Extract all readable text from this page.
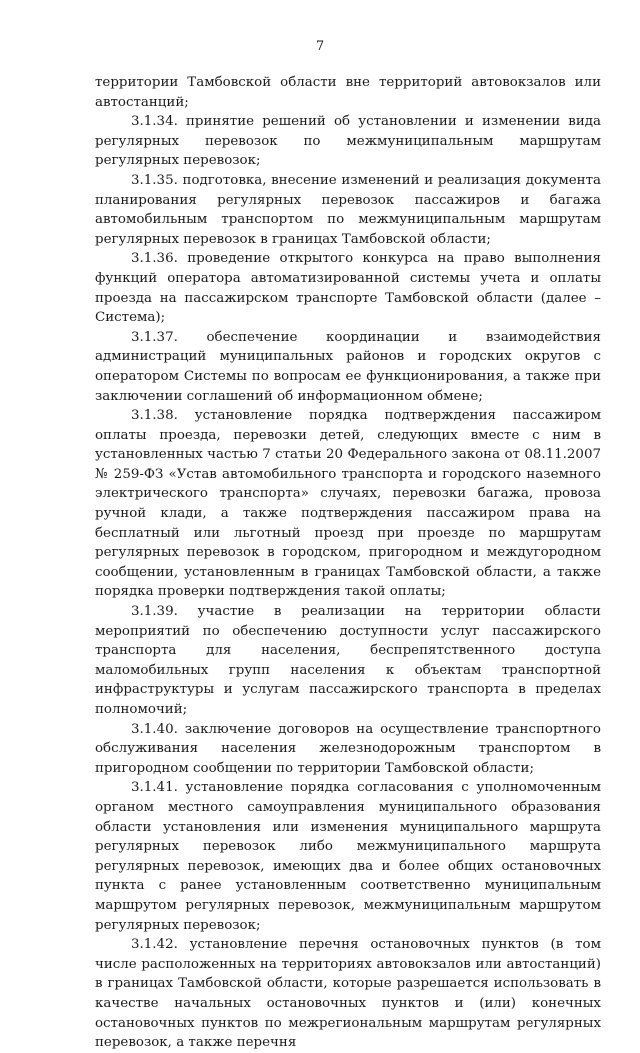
7

территории Тамбовской области вне территорий автовокзалов или автостанций;

3.1.34. принятие решений об установлении и изменении вида регулярных перевозок по межмуниципальным маршрутам регулярных перевозок;

3.1.35. подготовка, внесение изменений и реализация документа планирования регулярных перевозок пассажиров и багажа автомобильным транспортом по межмуниципальным маршрутам регулярных перевозок в границах Тамбовской области;

3.1.36. проведение открытого конкурса на право выполнения функций оператора автоматизированной системы учета и оплаты проезда на пассажирском транспорте Тамбовской области (далее – Система);

3.1.37. обеспечение координации и взаимодействия администраций муниципальных районов и городских округов с оператором Системы по вопросам ее функционирования, а также при заключении соглашений об информационном обмене;

3.1.38. установление порядка подтверждения пассажиром оплаты проезда, перевозки детей, следующих вместе с ним в установленных частью 7 статьи 20 Федерального закона от 08.11.2007 № 259-ФЗ «Устав автомобильного транспорта и городского наземного электрического транспорта» случаях, перевозки багажа, провоза ручной клади, а также подтверждения пассажиром права на бесплатный или льготный проезд при проезде по маршрутам регулярных перевозок в городском, пригородном и междугородном сообщении, установленным в границах Тамбовской области, а также порядка проверки подтверждения такой оплаты;

3.1.39. участие в реализации на территории области мероприятий по обеспечению доступности услуг пассажирского транспорта для населения, беспрепятственного доступа маломобильных групп населения к объектам транспортной инфраструктуры и услугам пассажирского транспорта в пределах полномочий;

3.1.40. заключение договоров на осуществление транспортного обслуживания населения железнодорожным транспортом в пригородном сообщении по территории Тамбовской области;

3.1.41. установление порядка согласования с уполномоченным органом местного самоуправления муниципального образования области установления или изменения муниципального маршрута регулярных перевозок либо межмуниципального маршрута регулярных перевозок, имеющих два и более общих остановочных пункта с ранее установленным соответственно муниципальным маршрутом регулярных перевозок, межмуниципальным маршрутом регулярных перевозок;

3.1.42. установление перечня остановочных пунктов (в том числе расположенных на территориях автовокзалов или автостанций) в границах Тамбовской области, которые разрешается использовать в качестве начальных остановочных пунктов и (или) конечных остановочных пунктов по межрегиональным маршрутам регулярных перевозок, а также перечня
